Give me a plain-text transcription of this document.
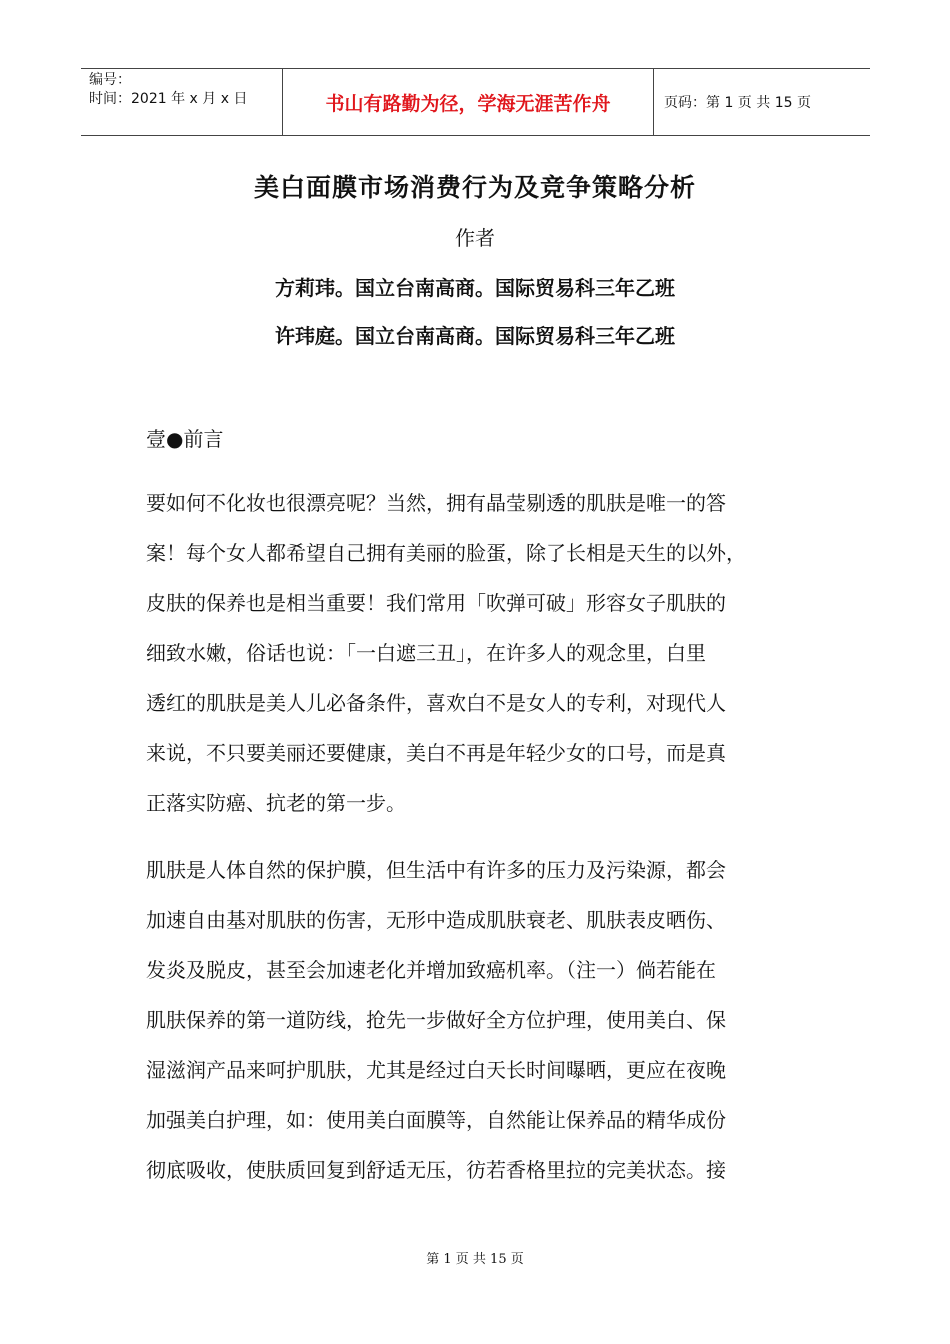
编号：
时间：2021 年 x 月 x 日	书山有路勤为径，学海无涯苦作舟	页码：第 1 页 共 15 页
美白面膜市场消费行为及竞争策略分析
作者
方莉玮。国立台南高商。国际贸易科三年乙班
许玮庭。国立台南高商。国际贸易科三年乙班
壹●前言
要如何不化妆也很漂亮呢？当然，拥有晶莹剔透的肌肤是唯一的答
案！每个女人都希望自己拥有美丽的脸蛋，除了长相是天生的以外，
皮肤的保养也是相当重要！我们常用「吹弹可破」形容女子肌肤的
细致水嫩，俗话也说：「一白遮三丑」，在许多人的观念里，白里
透红的肌肤是美人儿必备条件，喜欢白不是女人的专利，对现代人
来说，不只要美丽还要健康，美白不再是年轻少女的口号，而是真
正落实防癌、抗老的第一步。
肌肤是人体自然的保护膜，但生活中有许多的压力及污染源，都会
加速自由基对肌肤的伤害，无形中造成肌肤衰老、肌肤表皮晒伤、
发炎及脱皮，甚至会加速老化并增加致癌机率。（注一）倘若能在
肌肤保养的第一道防线，抢先一步做好全方位护理，使用美白、保
湿滋润产品来呵护肌肤，尤其是经过白天长时间曝晒，更应在夜晚
加强美白护理，如：使用美白面膜等，自然能让保养品的精华成份
彻底吸收，使肤质回复到舒适无压，彷若香格里拉的完美状态。接
第 1 页 共 15 页
